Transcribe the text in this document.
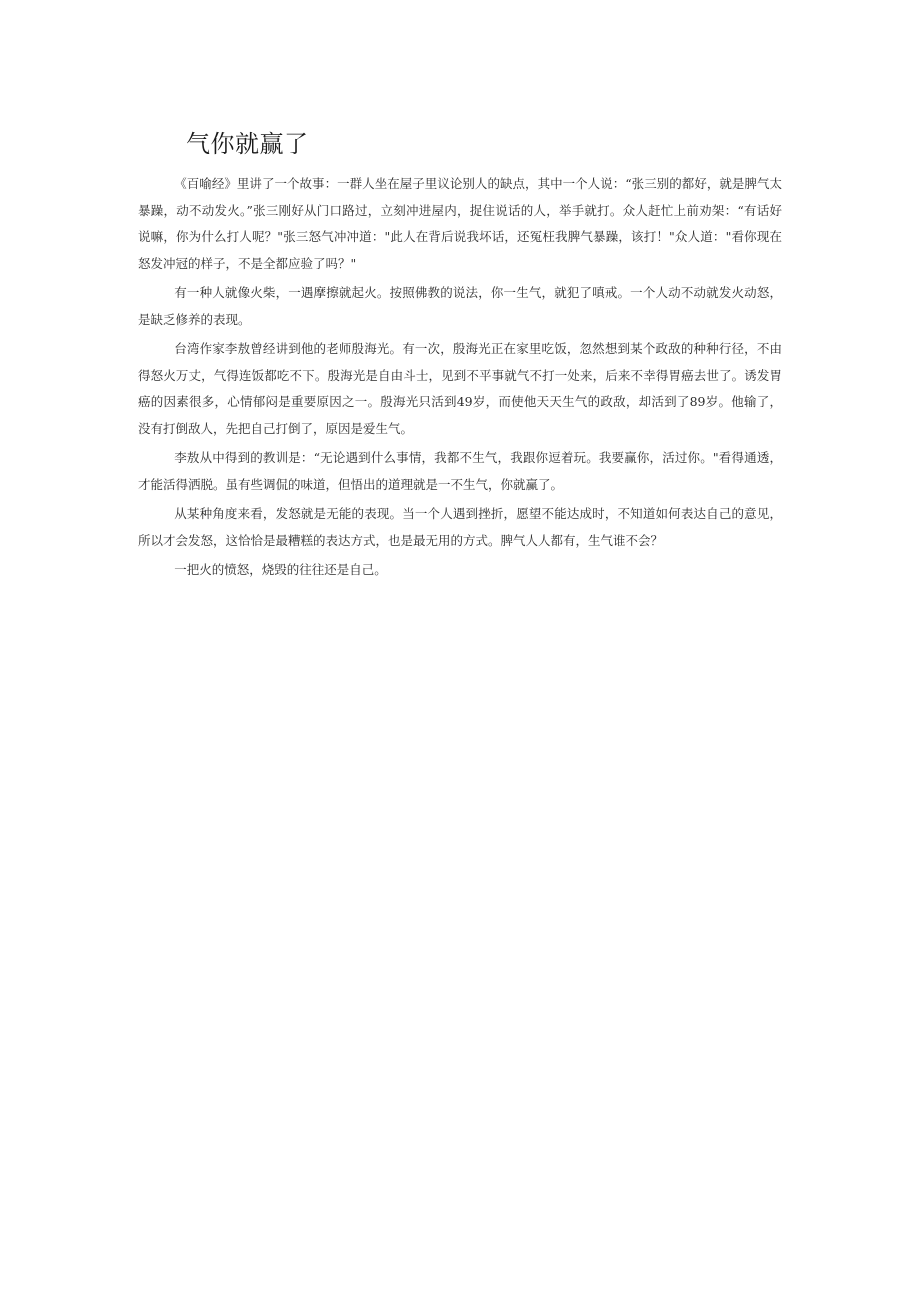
气你就赢了

《百喻经》里讲了一个故事：一群人坐在屋子里议论别人的缺点，其中一个人说：“张三别的都好，就是脾气太暴躁，动不动发火。”张三刚好从门口路过，立刻冲进屋内，捉住说话的人，举手就打。众人赶忙上前劝架：“有话好说嘛，你为什么打人呢？"张三怒气冲冲道："此人在背后说我坏话，还冤枉我脾气暴躁，该打！"众人道："看你现在怒发冲冠的样子，不是全都应验了吗？"

有一种人就像火柴，一遇摩擦就起火。按照佛教的说法，你一生气，就犯了嗔戒。一个人动不动就发火动怒，是缺乏修养的表现。

台湾作家李敖曾经讲到他的老师殷海光。有一次，殷海光正在家里吃饭，忽然想到某个政敌的种种行径，不由得怒火万丈，气得连饭都吃不下。殷海光是自由斗士，见到不平事就气不打一处来，后来不幸得胃癌去世了。诱发胃癌的因素很多，心情郁闷是重要原因之一。殷海光只活到49岁，而使他天天生气的政敌，却活到了89岁。他输了，没有打倒敌人，先把自己打倒了，原因是爱生气。

李敖从中得到的教训是：“无论遇到什么事情，我都不生气，我跟你逗着玩。我要赢你，活过你。"看得通透，才能活得洒脱。虽有些调侃的味道，但悟出的道理就是一不生气，你就赢了。

从某种角度来看，发怒就是无能的表现。当一个人遇到挫折，愿望不能达成时，不知道如何表达自己的意见，所以才会发怒，这恰恰是最糟糕的表达方式，也是最无用的方式。脾气人人都有，生气谁不会？

一把火的愤怒，烧毁的往往还是自己。
